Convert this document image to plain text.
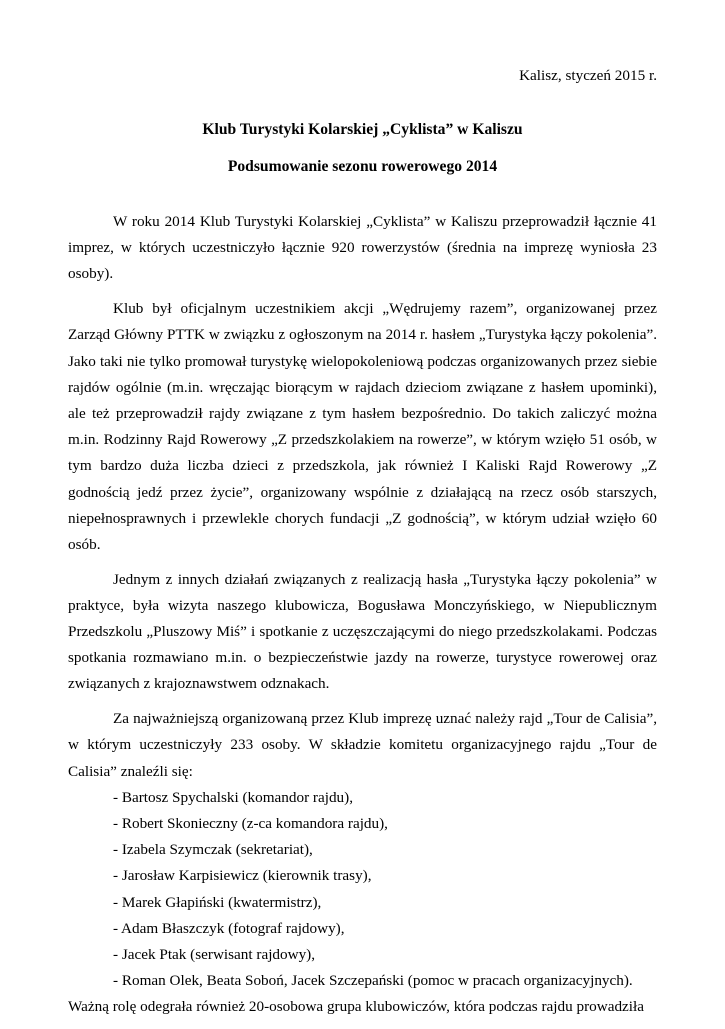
Kalisz, styczeń 2015 r.

Klub Turystyki Kolarskiej „Cyklista” w Kaliszu
Podsumowanie sezonu rowerowego 2014

W roku 2014 Klub Turystyki Kolarskiej „Cyklista” w Kaliszu przeprowadził łącznie 41 imprez, w których uczestniczyło łącznie 920 rowerzystów (średnia na imprezę wyniosła 23 osoby).

Klub był oficjalnym uczestnikiem akcji „Wędrujemy razem”, organizowanej przez Zarząd Główny PTTK w związku z ogłoszonym na 2014 r. hasłem „Turystyka łączy pokolenia”. Jako taki nie tylko promował turystykę wielopokoleniową podczas organizowanych przez siebie rajdów ogólnie (m.in. wręczając biorącym w rajdach dzieciom związane z hasłem upominki), ale też przeprowadził rajdy związane z tym hasłem bezpośrednio. Do takich zaliczyć można m.in. Rodzinny Rajd Rowerowy „Z przedszkolakiem na rowerze”, w którym wzięło 51 osób, w tym bardzo duża liczba dzieci z przedszkola, jak również I Kaliski Rajd Rowerowy „Z godnością jedź przez życie”, organizowany wspólnie z działającą na rzecz osób starszych, niepełnosprawnych i przewlekle chorych fundacji „Z godnością”, w którym udział wzięło 60 osób.

Jednym z innych działań związanych z realizacją hasła „Turystyka łączy pokolenia” w praktyce, była wizyta naszego klubowicza, Bogusława Monczyńskiego, w Niepublicznym Przedszkolu „Pluszowy Miś” i spotkanie z uczęszczającymi do niego przedszkolakami. Podczas spotkania rozmawiano m.in. o bezpieczeństwie jazdy na rowerze, turystyce rowerowej oraz związanych z krajoznawstwem odznakach.

Za najważniejszą organizowaną przez Klub imprezę uznać należy rajd „Tour de Calisia”, w którym uczestniczyły 233 osoby. W składzie komitetu organizacyjnego rajdu „Tour de Calisia” znaleźli się:

- Bartosz Spychalski (komandor rajdu),
- Robert Skonieczny (z-ca komandora rajdu),
- Izabela Szymczak (sekretariat),
- Jarosław Karpisiewicz (kierownik trasy),
- Marek Głapiński (kwatermistrz),
- Adam Błaszczyk (fotograf rajdowy),
- Jacek Ptak (serwisant rajdowy),
- Roman Olek, Beata Soboń, Jacek Szczepański (pomoc w pracach organizacyjnych).

Ważną rolę odegrała również 20-osobowa grupa klubowiczów, która podczas rajdu prowadziła
